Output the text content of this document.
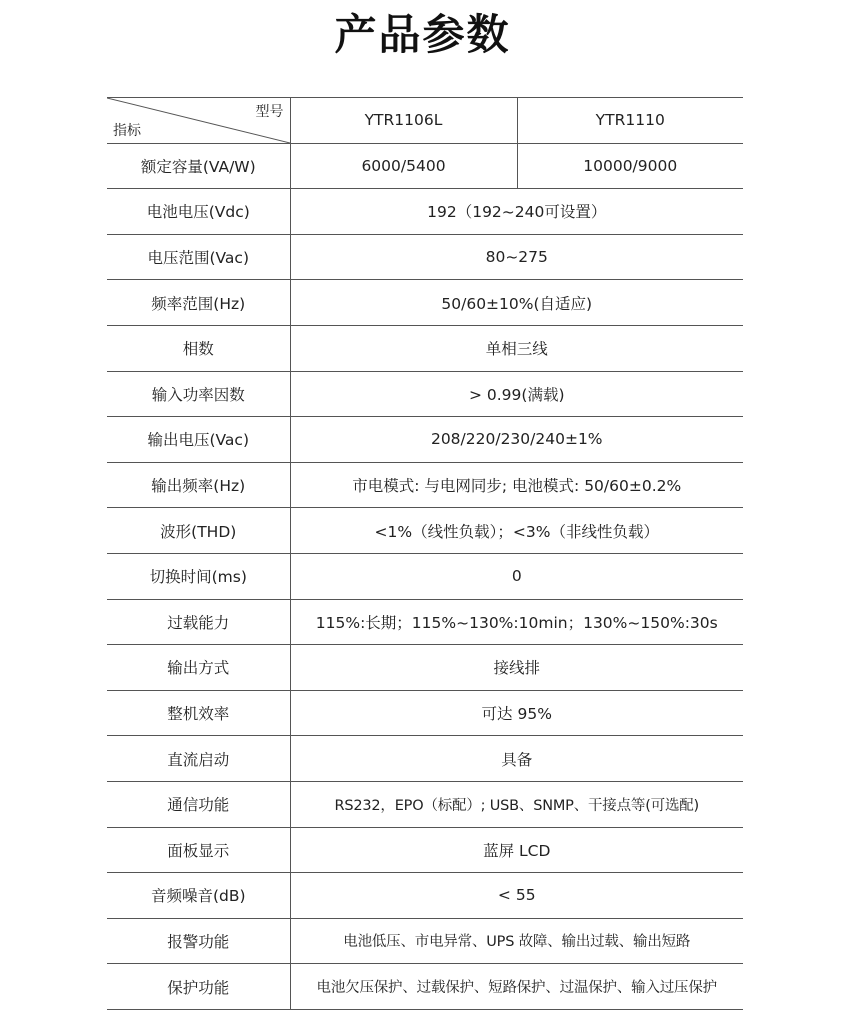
产品参数
型号
指标	YTR1106L	YTR1110
额定容量(VA/W)	6000/5400	10000/9000
电池电压(Vdc)	192（192~240可设置）	
电压范围(Vac)	80~275	
频率范围(Hz)	50/60±10%(自适应)	
相数	单相三线	
输入功率因数	> 0.99(满载)	
输出电压(Vac)	208/220/230/240±1%	
输出频率(Hz)	市电模式: 与电网同步; 电池模式: 50/60±0.2%	
波形(THD)	<1%（线性负载）；<3%（非线性负载）	
切换时间(ms)	0	
过载能力	115%:长期；115%~130%:10min；130%~150%:30s	
输出方式	接线排	
整机效率	可达 95%	
直流启动	具备	
通信功能	RS232，EPO（标配）; USB、SNMP、干接点等(可选配)	
面板显示	蓝屏 LCD	
音频噪音(dB)	< 55	
报警功能	电池低压、市电异常、UPS 故障、输出过载、输出短路	
保护功能	电池欠压保护、过载保护、短路保护、过温保护、输入过压保护	
